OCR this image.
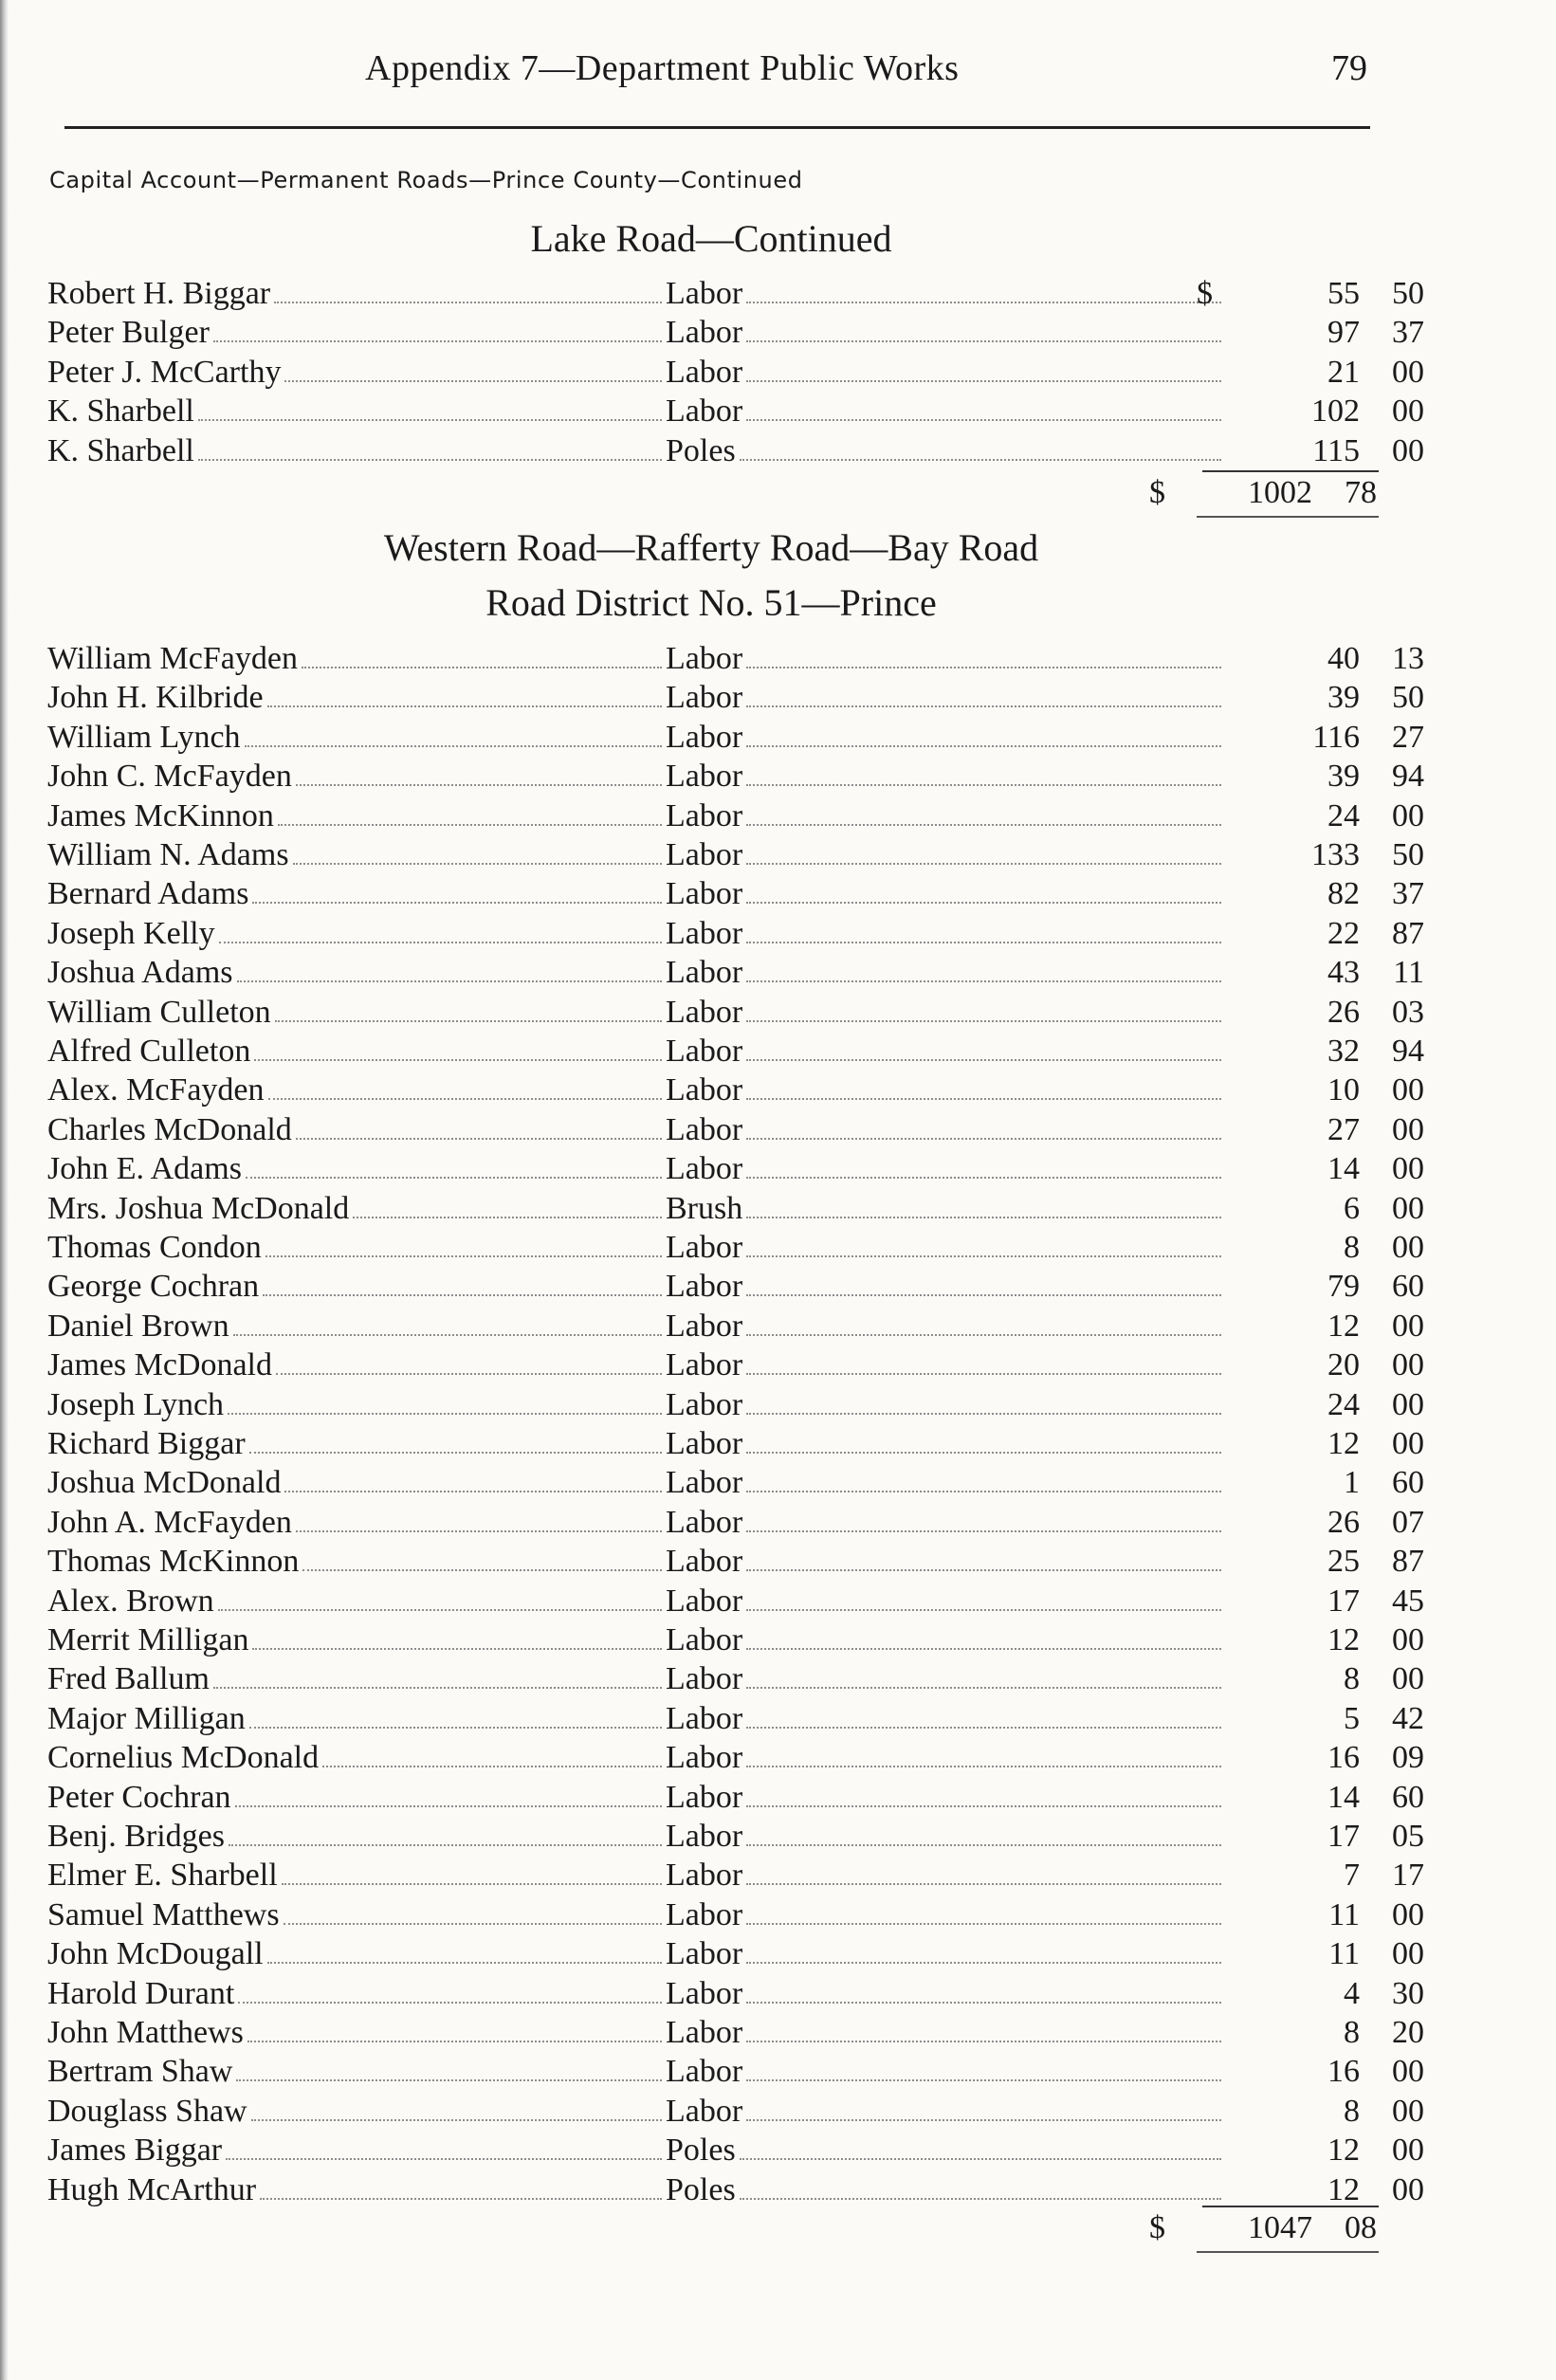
Appendix 7—Department Public Works	79
Capital Account—Permanent Roads—Prince County—Continued
Lake Road—Continued
Robert H. Biggar	Labor	$	55	50
Peter Bulger	Labor	97	37
Peter J. McCarthy	Labor	21	00
K. Sharbell	Labor	102	00
K. Sharbell	Poles	115	00
$	1002	78
Western Road—Rafferty Road—Bay Road
Road District No. 51—Prince
William McFayden	Labor	40	13
John H. Kilbride	Labor	39	50
William Lynch	Labor	116	27
John C. McFayden	Labor	39	94
James McKinnon	Labor	24	00
William N. Adams	Labor	133	50
Bernard Adams	Labor	82	37
Joseph Kelly	Labor	22	87
Joshua Adams	Labor	43	11
William Culleton	Labor	26	03
Alfred Culleton	Labor	32	94
Alex. McFayden	Labor	10	00
Charles McDonald	Labor	27	00
John E. Adams	Labor	14	00
Mrs. Joshua McDonald	Brush	6	00
Thomas Condon	Labor	8	00
George Cochran	Labor	79	60
Daniel Brown	Labor	12	00
James McDonald	Labor	20	00
Joseph Lynch	Labor	24	00
Richard Biggar	Labor	12	00
Joshua McDonald	Labor	1	60
John A. McFayden	Labor	26	07
Thomas McKinnon	Labor	25	87
Alex. Brown	Labor	17	45
Merrit Milligan	Labor	12	00
Fred Ballum	Labor	8	00
Major Milligan	Labor	5	42
Cornelius McDonald	Labor	16	09
Peter Cochran	Labor	14	60
Benj. Bridges	Labor	17	05
Elmer E. Sharbell	Labor	7	17
Samuel Matthews	Labor	11	00
John McDougall	Labor	11	00
Harold Durant	Labor	4	30
John Matthews	Labor	8	20
Bertram Shaw	Labor	16	00
Douglass Shaw	Labor	8	00
James Biggar	Poles	12	00
Hugh McArthur	Poles	12	00
$	1047	08
